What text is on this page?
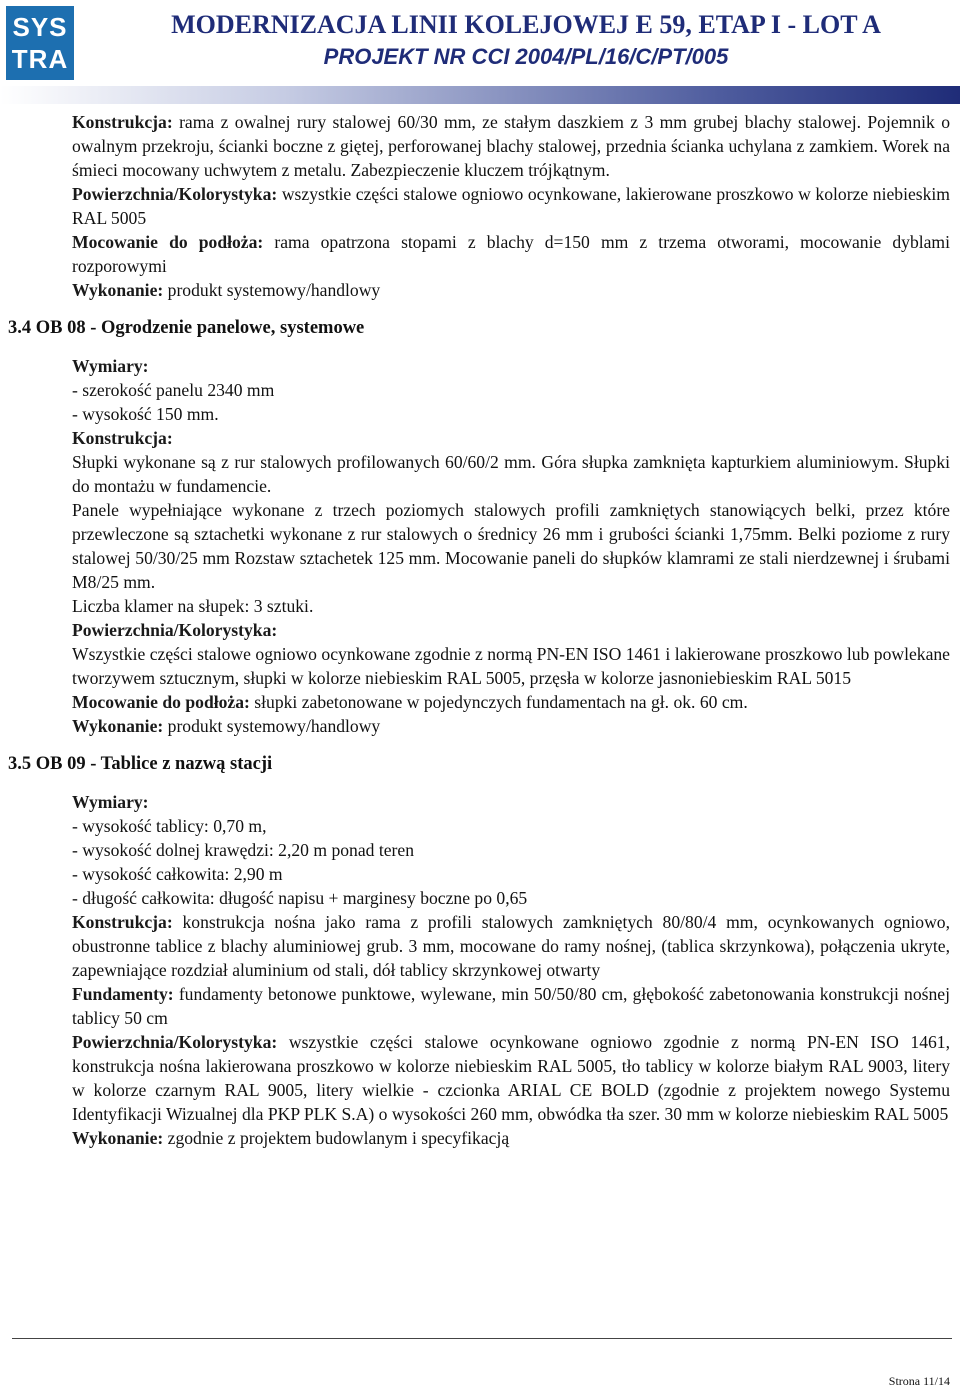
SYS
TRA
MODERNIZACJA LINII KOLEJOWEJ E 59, ETAP I - LOT A
PROJEKT NR CCI 2004/PL/16/C/PT/005
Konstrukcja: rama z owalnej rury stalowej 60/30 mm, ze stałym daszkiem z 3 mm grubej blachy stalowej. Pojemnik o owalnym przekroju, ścianki boczne z giętej, perforowanej blachy stalowej, przednia ścianka uchylana z zamkiem. Worek na śmieci mocowany uchwytem z metalu. Zabezpieczenie kluczem trójkątnym.
Powierzchnia/Kolorystyka: wszystkie części stalowe ogniowo ocynkowane, lakierowane proszkowo w kolorze niebieskim RAL 5005
Mocowanie do podłoża: rama opatrzona stopami z blachy d=150 mm z trzema otworami, mocowanie dyblami rozporowymi
Wykonanie: produkt systemowy/handlowy
3.4 OB 08 - Ogrodzenie panelowe, systemowe
Wymiary:
- szerokość panelu 2340 mm
- wysokość 150 mm.
Konstrukcja:
Słupki wykonane są z rur stalowych profilowanych 60/60/2 mm. Góra słupka zamknięta kapturkiem aluminiowym. Słupki do montażu w fundamencie.
Panele wypełniające wykonane z trzech poziomych stalowych profili zamkniętych stanowiących belki, przez które przewleczone są sztachetki wykonane z rur stalowych o średnicy 26 mm i grubości ścianki 1,75mm. Belki poziome z rury stalowej 50/30/25 mm Rozstaw sztachetek 125 mm. Mocowanie paneli do słupków klamrami ze stali nierdzewnej i śrubami M8/25 mm.
Liczba klamer na słupek: 3 sztuki.
Powierzchnia/Kolorystyka:
Wszystkie części stalowe ogniowo ocynkowane zgodnie z normą PN-EN ISO 1461 i lakierowane proszkowo lub powlekane tworzywem sztucznym, słupki w kolorze niebieskim RAL 5005, przęsła w kolorze jasnoniebieskim RAL 5015
Mocowanie do podłoża: słupki zabetonowane w pojedynczych fundamentach na gł. ok. 60 cm.
Wykonanie: produkt systemowy/handlowy
3.5 OB 09 - Tablice z nazwą stacji
Wymiary:
- wysokość tablicy: 0,70 m,
- wysokość dolnej krawędzi: 2,20 m ponad teren
- wysokość całkowita: 2,90 m
- długość całkowita: długość napisu + marginesy boczne po 0,65
Konstrukcja: konstrukcja nośna jako rama z profili stalowych zamkniętych 80/80/4 mm, ocynkowanych ogniowo, obustronne tablice z blachy aluminiowej grub. 3 mm, mocowane do ramy nośnej, (tablica skrzynkowa), połączenia ukryte, zapewniające rozdział aluminium od stali, dół tablicy skrzynkowej otwarty
Fundamenty: fundamenty betonowe punktowe, wylewane, min 50/50/80 cm, głębokość zabetonowania konstrukcji nośnej tablicy 50 cm
Powierzchnia/Kolorystyka: wszystkie części stalowe ocynkowane ogniowo zgodnie z normą PN-EN ISO 1461, konstrukcja nośna lakierowana proszkowo w kolorze niebieskim RAL 5005, tło tablicy w kolorze białym RAL 9003, litery w kolorze czarnym RAL 9005, litery wielkie - czcionka ARIAL CE BOLD (zgodnie z projektem nowego Systemu Identyfikacji Wizualnej dla PKP PLK S.A) o wysokości 260 mm, obwódka tła szer. 30 mm w kolorze niebieskim RAL 5005
Wykonanie: zgodnie z projektem budowlanym i specyfikacją
Strona 11/14
